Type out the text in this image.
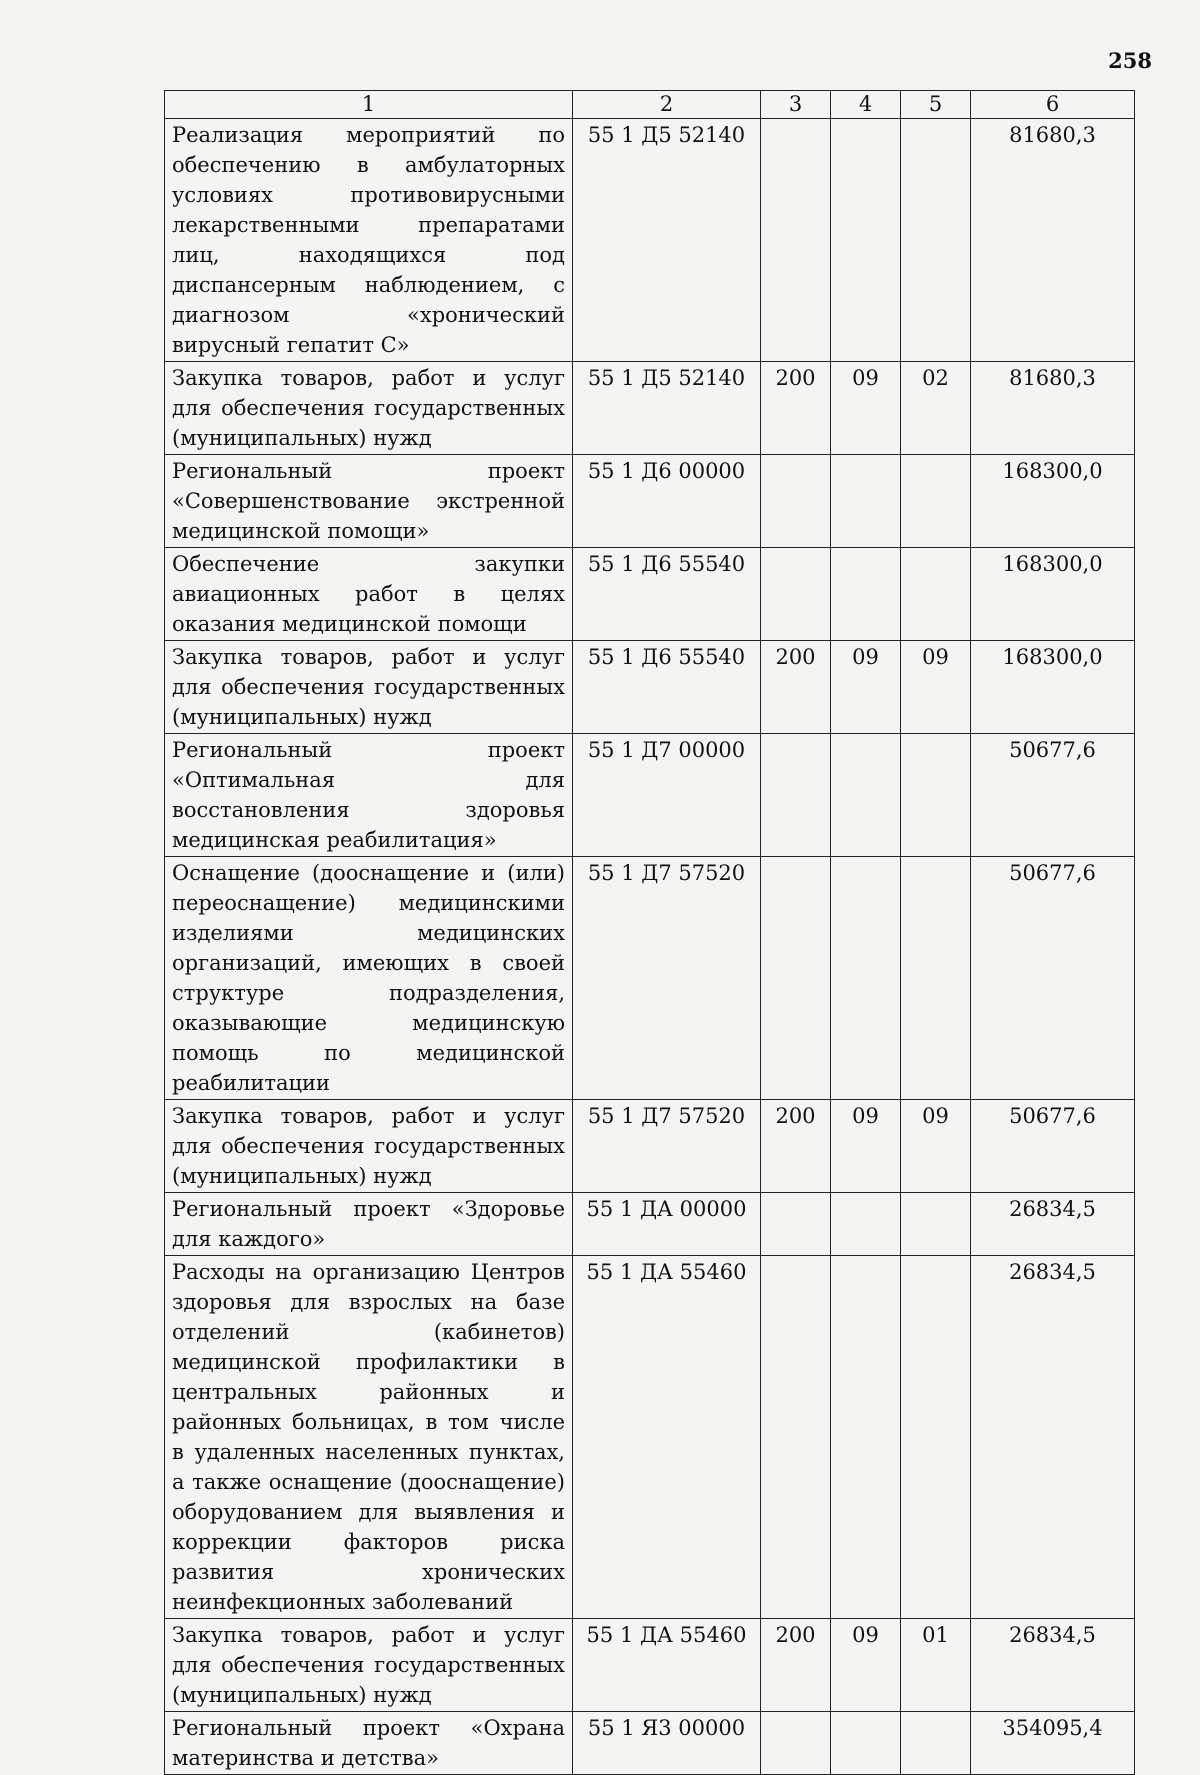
258
1	2	3	4	5	6
Реализация мероприятий по обеспечению в амбулаторных условиях противовирусными лекарственными препаратами лиц, находящихся под диспансерным наблюдением, с диагнозом «хронический вирусный гепатит С»	55 1 Д5 52140				81680,3
Закупка товаров, работ и услуг для обеспечения государственных (муниципальных) нужд	55 1 Д5 52140	200	09	02	81680,3
Региональный проект «Совершенствование экстренной медицинской помощи»	55 1 Д6 00000				168300,0
Обеспечение закупки авиационных работ в целях оказания медицинской помощи	55 1 Д6 55540				168300,0
Закупка товаров, работ и услуг для обеспечения государственных (муниципальных) нужд	55 1 Д6 55540	200	09	09	168300,0
Региональный проект «Оптимальная для восстановления здоровья медицинская реабилитация»	55 1 Д7 00000				50677,6
Оснащение (дооснащение и (или) переоснащение) медицинскими изделиями медицинских организаций, имеющих в своей структуре подразделения, оказывающие медицинскую помощь по медицинской реабилитации	55 1 Д7 57520				50677,6
Закупка товаров, работ и услуг для обеспечения государственных (муниципальных) нужд	55 1 Д7 57520	200	09	09	50677,6
Региональный проект «Здоровье для каждого»	55 1 ДА 00000				26834,5
Расходы на организацию Центров здоровья для взрослых на базе отделений (кабинетов) медицинской профилактики в центральных районных и районных больницах, в том числе в удаленных населенных пунктах, а также оснащение (дооснащение) оборудованием для выявления и коррекции факторов риска развития хронических неинфекционных заболеваний	55 1 ДА 55460				26834,5
Закупка товаров, работ и услуг для обеспечения государственных (муниципальных) нужд	55 1 ДА 55460	200	09	01	26834,5
Региональный проект «Охрана материнства и детства»	55 1 Я3 00000				354095,4
